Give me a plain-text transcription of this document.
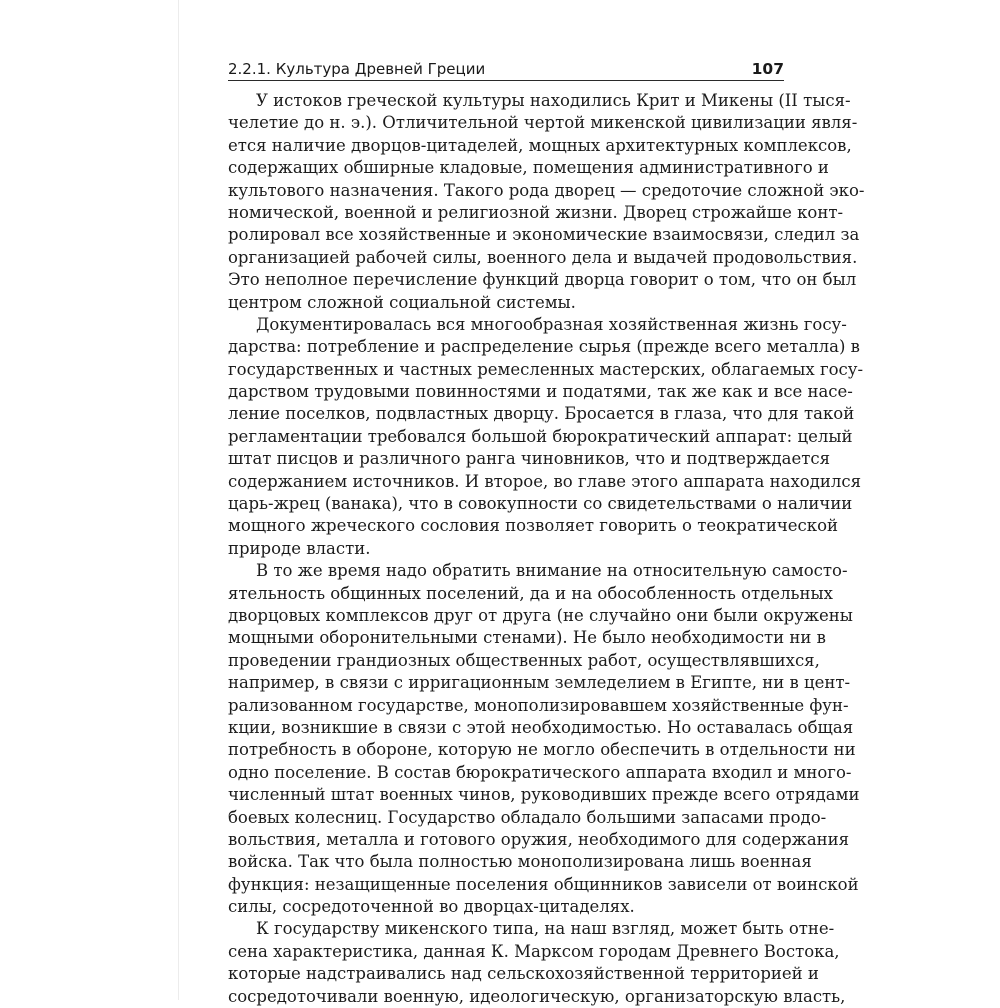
2.2.1. Культура Древней Греции	107

У истоков греческой культуры находились Крит и Микены (II тыся-
челетие до н. э.). Отличительной чертой микенской цивилизации явля-
ется наличие дворцов-цитаделей, мощных архитектурных комплексов,
содержащих обширные кладовые, помещения административного и
культового назначения. Такого рода дворец — средоточие сложной эко-
номической, военной и религиозной жизни. Дворец строжайше конт-
ролировал все хозяйственные и экономические взаимосвязи, следил за
организацией рабочей силы, военного дела и выдачей продовольствия.
Это неполное перечисление функций дворца говорит о том, что он был
центром сложной социальной системы.

Документировалась вся многообразная хозяйственная жизнь госу-
дарства: потребление и распределение сырья (прежде всего металла) в
государственных и частных ремесленных мастерских, облагаемых госу-
дарством трудовыми повинностями и податями, так же как и все насе-
ление поселков, подвластных дворцу. Бросается в глаза, что для такой
регламентации требовался большой бюрократический аппарат: целый
штат писцов и различного ранга чиновников, что и подтверждается
содержанием источников. И второе, во главе этого аппарата находился
царь-жрец (ванака), что в совокупности со свидетельствами о наличии
мощного жреческого сословия позволяет говорить о теократической
природе власти.

В то же время надо обратить внимание на относительную самосто-
ятельность общинных поселений, да и на обособленность отдельных
дворцовых комплексов друг от друга (не случайно они были окружены
мощными оборонительными стенами). Не было необходимости ни в
проведении грандиозных общественных работ, осуществлявшихся,
например, в связи с ирригационным земледелием в Египте, ни в цент-
рализованном государстве, монополизировавшем хозяйственные фун-
кции, возникшие в связи с этой необходимостью. Но оставалась общая
потребность в обороне, которую не могло обеспечить в отдельности ни
одно поселение. В состав бюрократического аппарата входил и много-
численный штат военных чинов, руководивших прежде всего отрядами
боевых колесниц. Государство обладало большими запасами продо-
вольствия, металла и готового оружия, необходимого для содержания
войска. Так что была полностью монополизирована лишь военная
функция: незащищенные поселения общинников зависели от воинской
силы, сосредоточенной во дворцах-цитаделях.

К государству микенского типа, на наш взгляд, может быть отне-
сена характеристика, данная К. Марксом городам Древнего Востока,
которые надстраивались над сельскохозяйственной территорией и
сосредоточивали военную, идеологическую, организаторскую власть,
